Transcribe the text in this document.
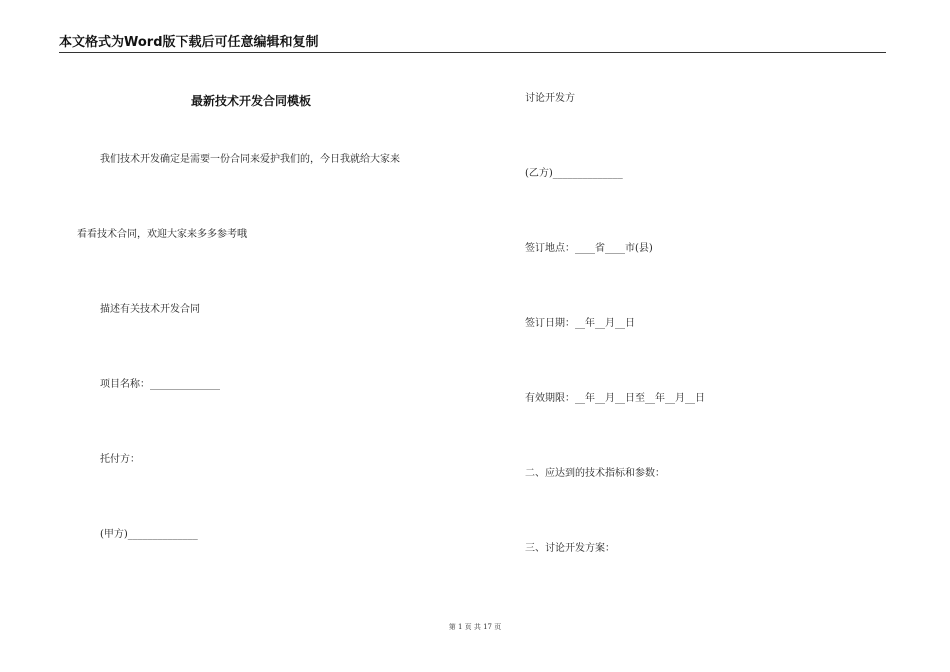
本文格式为Word版下载后可任意编辑和复制
最新技术开发合同模板
我们技术开发确定是需要一份合同来爱护我们的，今日我就给大家来
看看技术合同，欢迎大家来多多参考哦
描述有关技术开发合同
项目名称：______________
托付方：
(甲方)______________
讨论开发方
(乙方)______________
签订地点：____省____市(县)
签订日期：__年__月__日
有效期限：__年__月__日至__年__月__日
二、应达到的技术指标和参数：
三、讨论开发方案：
第 1 页 共 17 页
